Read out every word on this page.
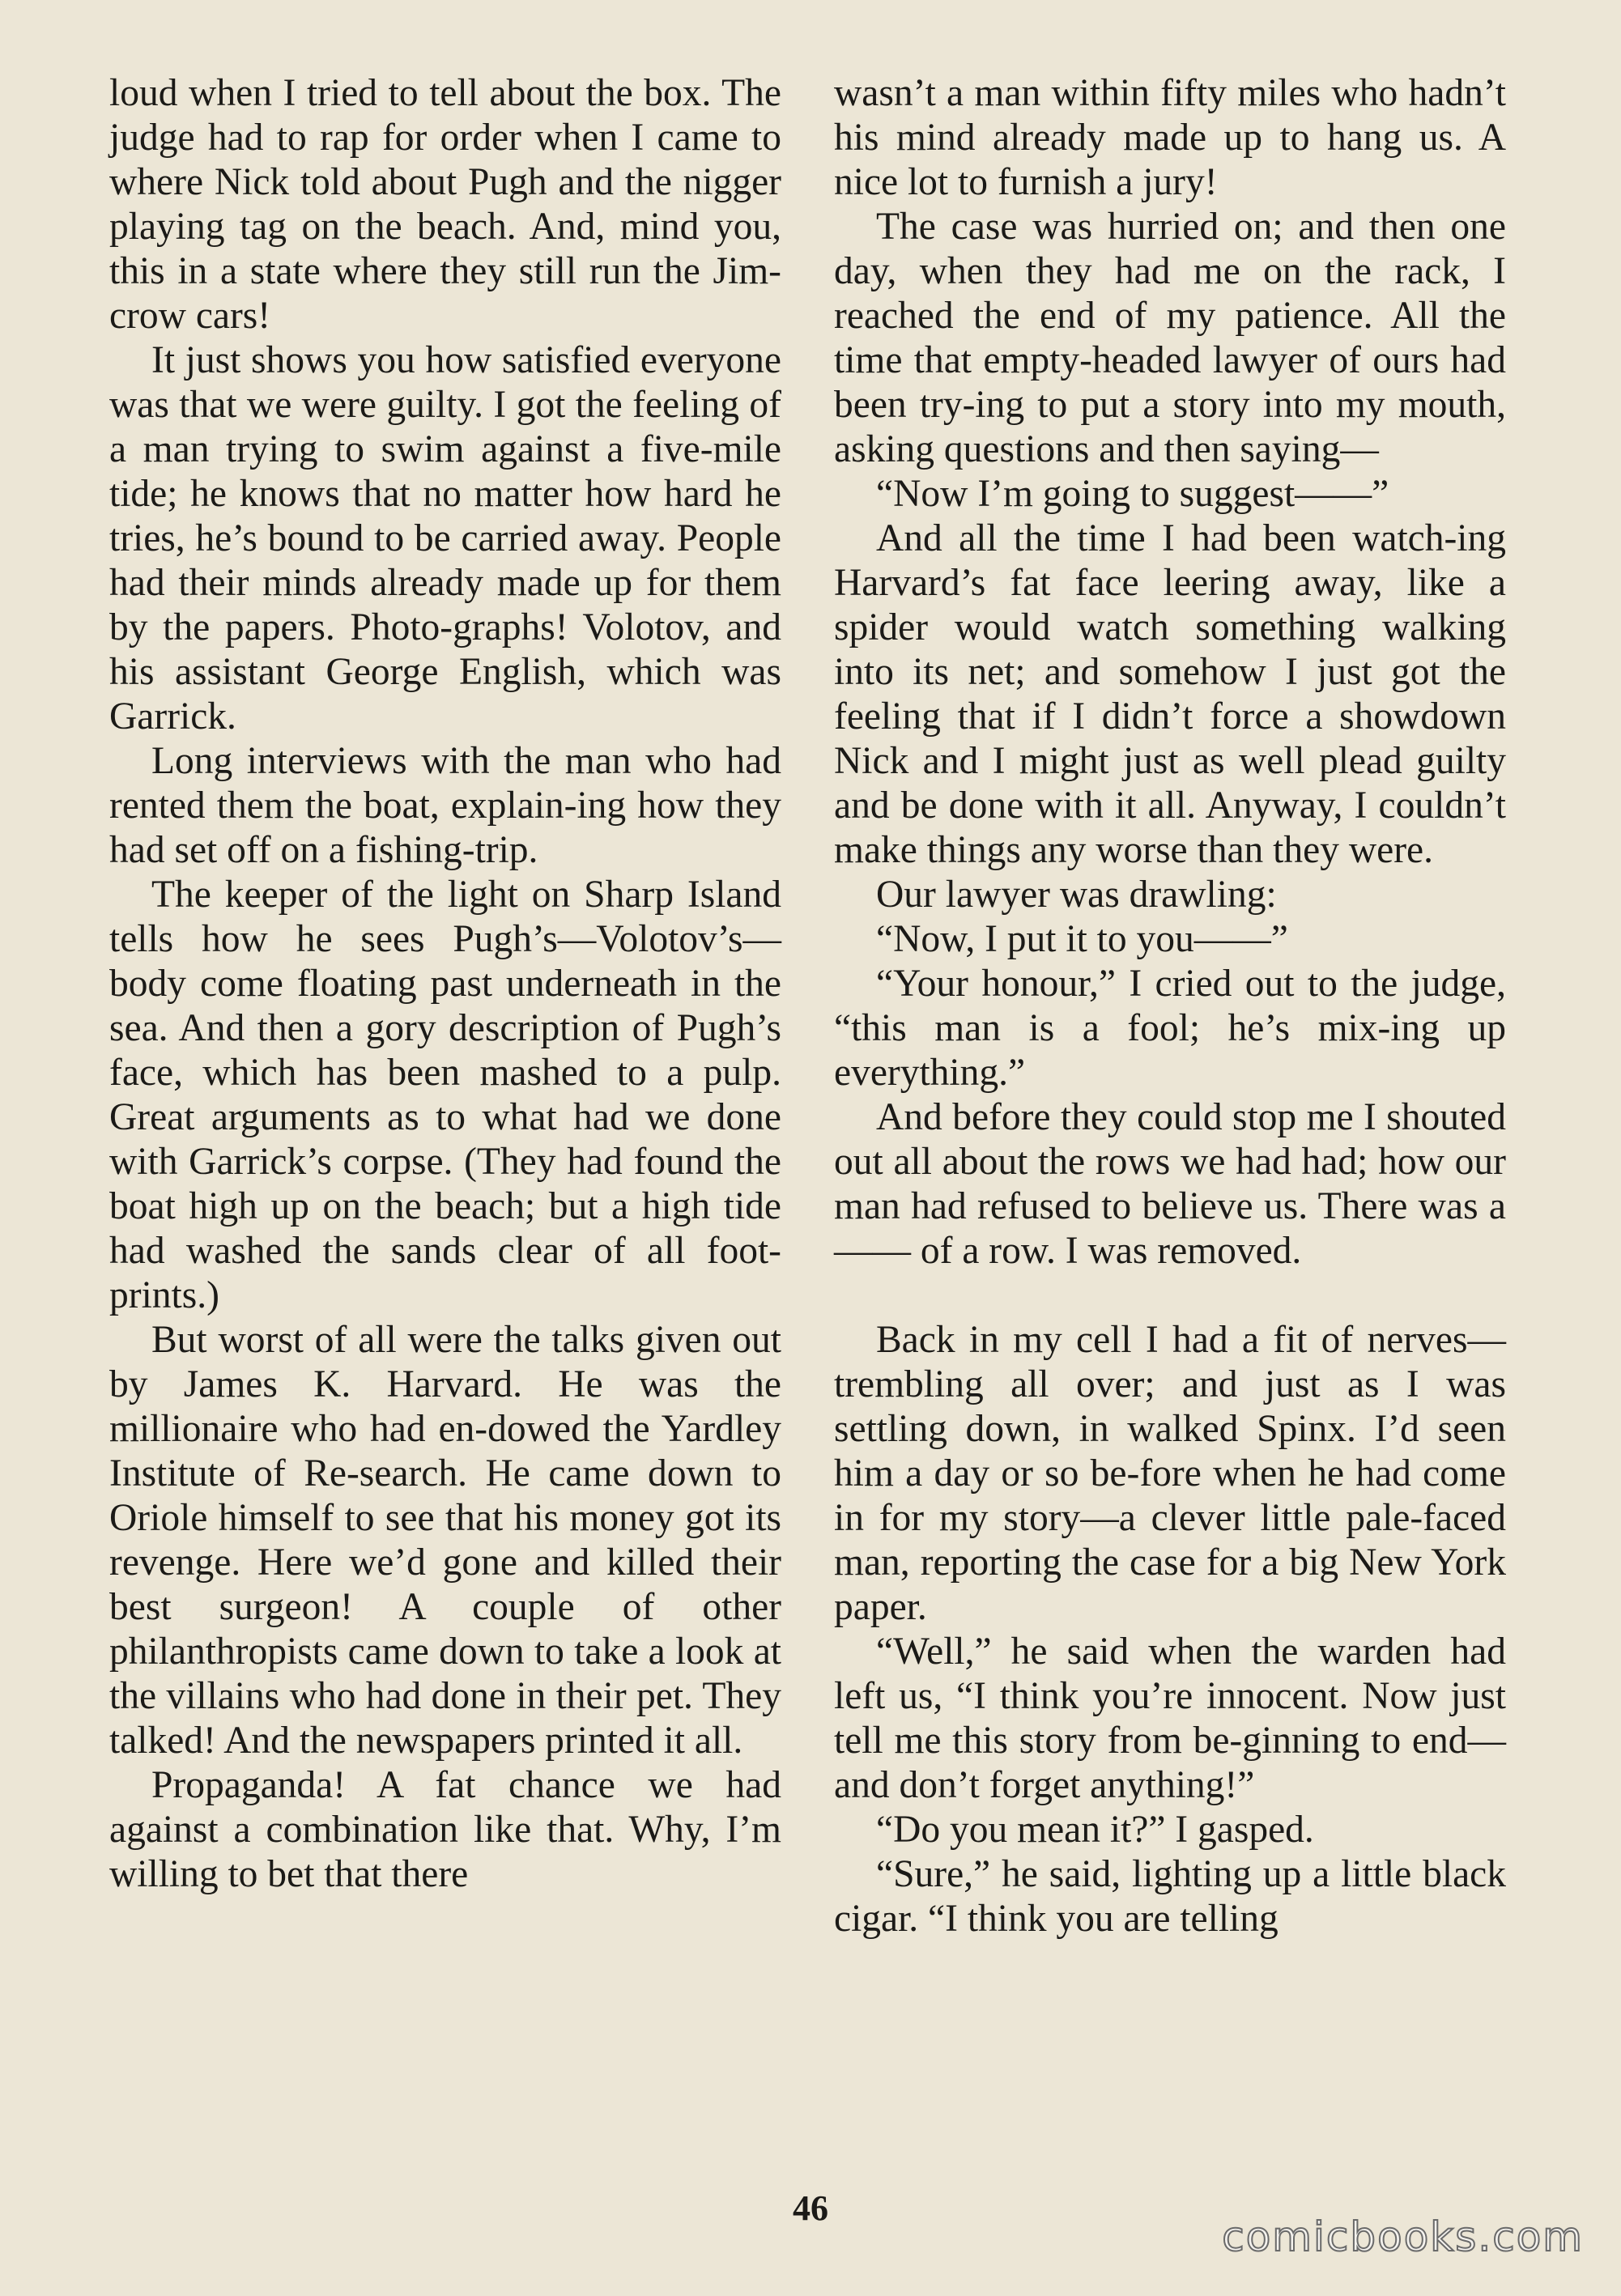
loud when I tried to tell about the box. The judge had to rap for order when I came to where Nick told about Pugh and the nigger playing tag on the beach. And, mind you, this in a state where they still run the Jim-crow cars!

It just shows you how satisfied everyone was that we were guilty. I got the feeling of a man trying to swim against a five-mile tide; he knows that no matter how hard he tries, he’s bound to be carried away. People had their minds already made up for them by the papers. Photo-graphs! Volotov, and his assistant George English, which was Garrick.

Long interviews with the man who had rented them the boat, explain-ing how they had set off on a fishing-trip.

The keeper of the light on Sharp Island tells how he sees Pugh’s—Volotov’s—body come floating past underneath in the sea. And then a gory description of Pugh’s face, which has been mashed to a pulp. Great arguments as to what had we done with Garrick’s corpse. (They had found the boat high up on the beach; but a high tide had washed the sands clear of all foot-prints.)

But worst of all were the talks given out by James K. Harvard. He was the millionaire who had en-dowed the Yardley Institute of Re-search. He came down to Oriole himself to see that his money got its revenge. Here we’d gone and killed their best surgeon! A couple of other philanthropists came down to take a look at the villains who had done in their pet. They talked! And the newspapers printed it all.

Propaganda! A fat chance we had against a combination like that. Why, I’m willing to bet that there

wasn’t a man within fifty miles who hadn’t his mind already made up to hang us. A nice lot to furnish a jury!

The case was hurried on; and then one day, when they had me on the rack, I reached the end of my patience. All the time that empty-headed lawyer of ours had been try-ing to put a story into my mouth, asking questions and then saying—

“Now I’m going to suggest——”

And all the time I had been watch-ing Harvard’s fat face leering away, like a spider would watch something walking into its net; and somehow I just got the feeling that if I didn’t force a showdown Nick and I might just as well plead guilty and be done with it all. Anyway, I couldn’t make things any worse than they were.

Our lawyer was drawling:

“Now, I put it to you——”

“Your honour,” I cried out to the judge, “this man is a fool; he’s mix-ing up everything.”

And before they could stop me I shouted out all about the rows we had had; how our man had refused to believe us. There was a —— of a row. I was removed.

Back in my cell I had a fit of nerves—trembling all over; and just as I was settling down, in walked Spinx. I’d seen him a day or so be-fore when he had come in for my story—a clever little pale-faced man, reporting the case for a big New York paper.

“Well,” he said when the warden had left us, “I think you’re innocent. Now just tell me this story from be-ginning to end—and don’t forget anything!”

“Do you mean it?” I gasped.

“Sure,” he said, lighting up a little black cigar. “I think you are telling

46
comicbooks.com
